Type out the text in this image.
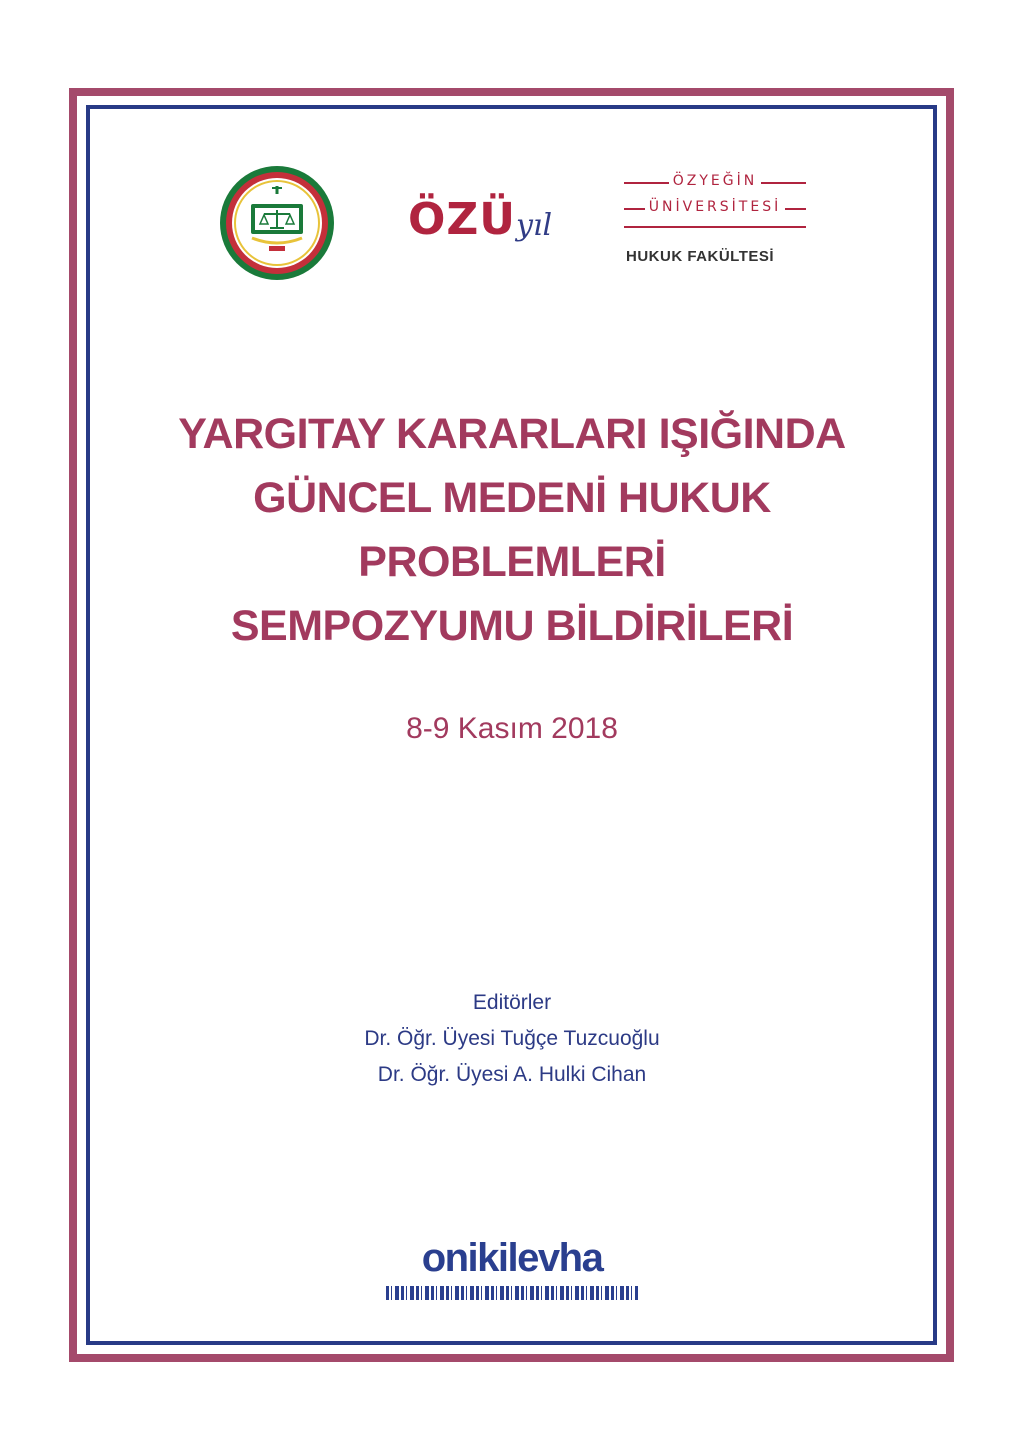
ÖZÜ yıl
ÖZYEĞİN
ÜNİVERSİTESİ
HUKUK FAKÜLTESİ
YARGITAY KARARLARI IŞIĞINDA
GÜNCEL MEDENİ HUKUK PROBLEMLERİ
SEMPOZYUMU BİLDİRİLERİ
8-9 Kasım 2018
Editörler
Dr. Öğr. Üyesi Tuğçe Tuzcuoğlu
Dr. Öğr. Üyesi A. Hulki Cihan
onikilevha
